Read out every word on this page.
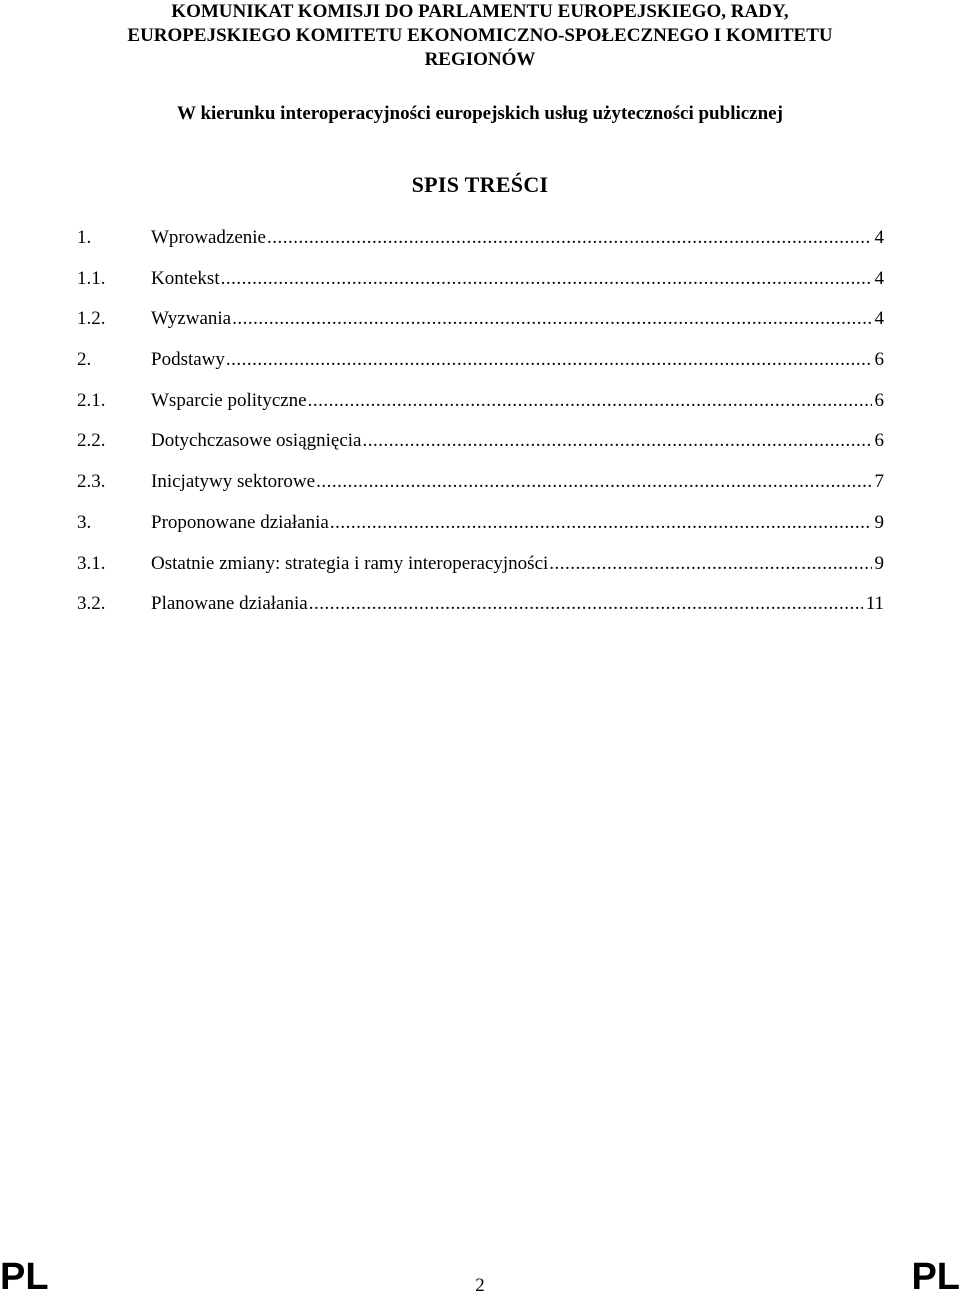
KOMUNIKAT KOMISJI DO PARLAMENTU EUROPEJSKIEGO, RADY,
EUROPEJSKIEGO KOMITETU EKONOMICZNO-SPOŁECZNEGO I KOMITETU
REGIONÓW
W kierunku interoperacyjności europejskich usług użyteczności publicznej
SPIS TREŚCI
1.	Wprowadzenie .....	4
1.1.	Kontekst .....	4
1.2.	Wyzwania .....	4
2.	Podstawy .....	6
2.1.	Wsparcie polityczne .....	6
2.2.	Dotychczasowe osiągnięcia .....	6
2.3.	Inicjatywy sektorowe .....	7
3.	Proponowane działania .....	9
3.1.	Ostatnie zmiany: strategia i ramy interoperacyjności .....	9
3.2.	Planowane działania .....	11
PL	2	PL
